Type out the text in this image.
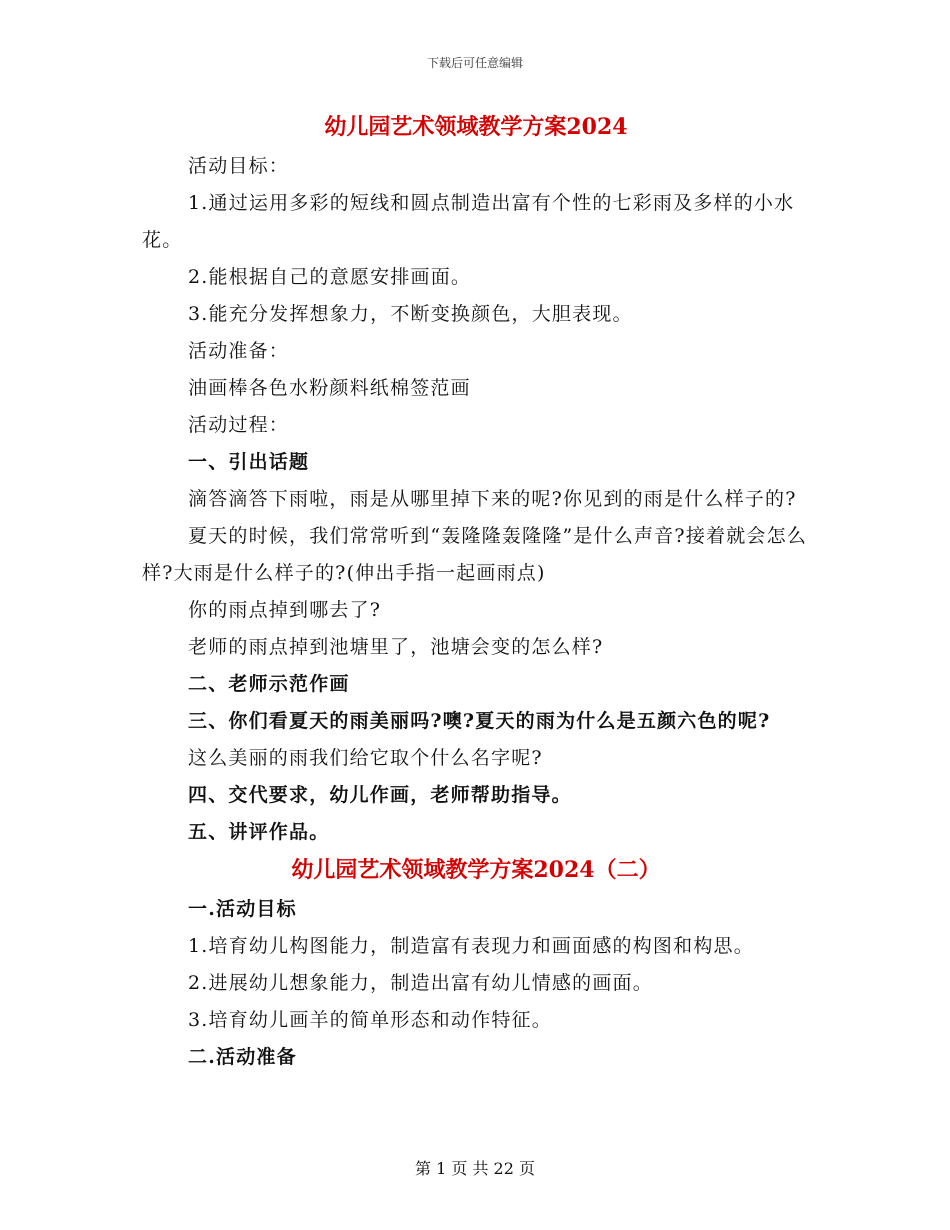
下载后可任意编辑
幼儿园艺术领域教学方案2024

活动目标：

1.通过运用多彩的短线和圆点制造出富有个性的七彩雨及多样的小水花。

2.能根据自己的意愿安排画面。

3.能充分发挥想象力，不断变换颜色，大胆表现。

活动准备：

油画棒各色水粉颜料纸棉签范画

活动过程：

一、引出话题

滴答滴答下雨啦，雨是从哪里掉下来的呢?你见到的雨是什么样子的?

夏天的时候，我们常常听到“轰隆隆轰隆隆”是什么声音?接着就会怎么样?大雨是什么样子的?(伸出手指一起画雨点)

你的雨点掉到哪去了?

老师的雨点掉到池塘里了，池塘会变的怎么样?

二、老师示范作画

三、你们看夏天的雨美丽吗?噢?夏天的雨为什么是五颜六色的呢?

这么美丽的雨我们给它取个什么名字呢?

四、交代要求，幼儿作画，老师帮助指导。

五、讲评作品。

幼儿园艺术领域教学方案2024（二）

一.活动目标

1.培育幼儿构图能力，制造富有表现力和画面感的构图和构思。

2.进展幼儿想象能力，制造出富有幼儿情感的画面。

3.培育幼儿画羊的简单形态和动作特征。

二.活动准备

第 1 页 共 22 页
